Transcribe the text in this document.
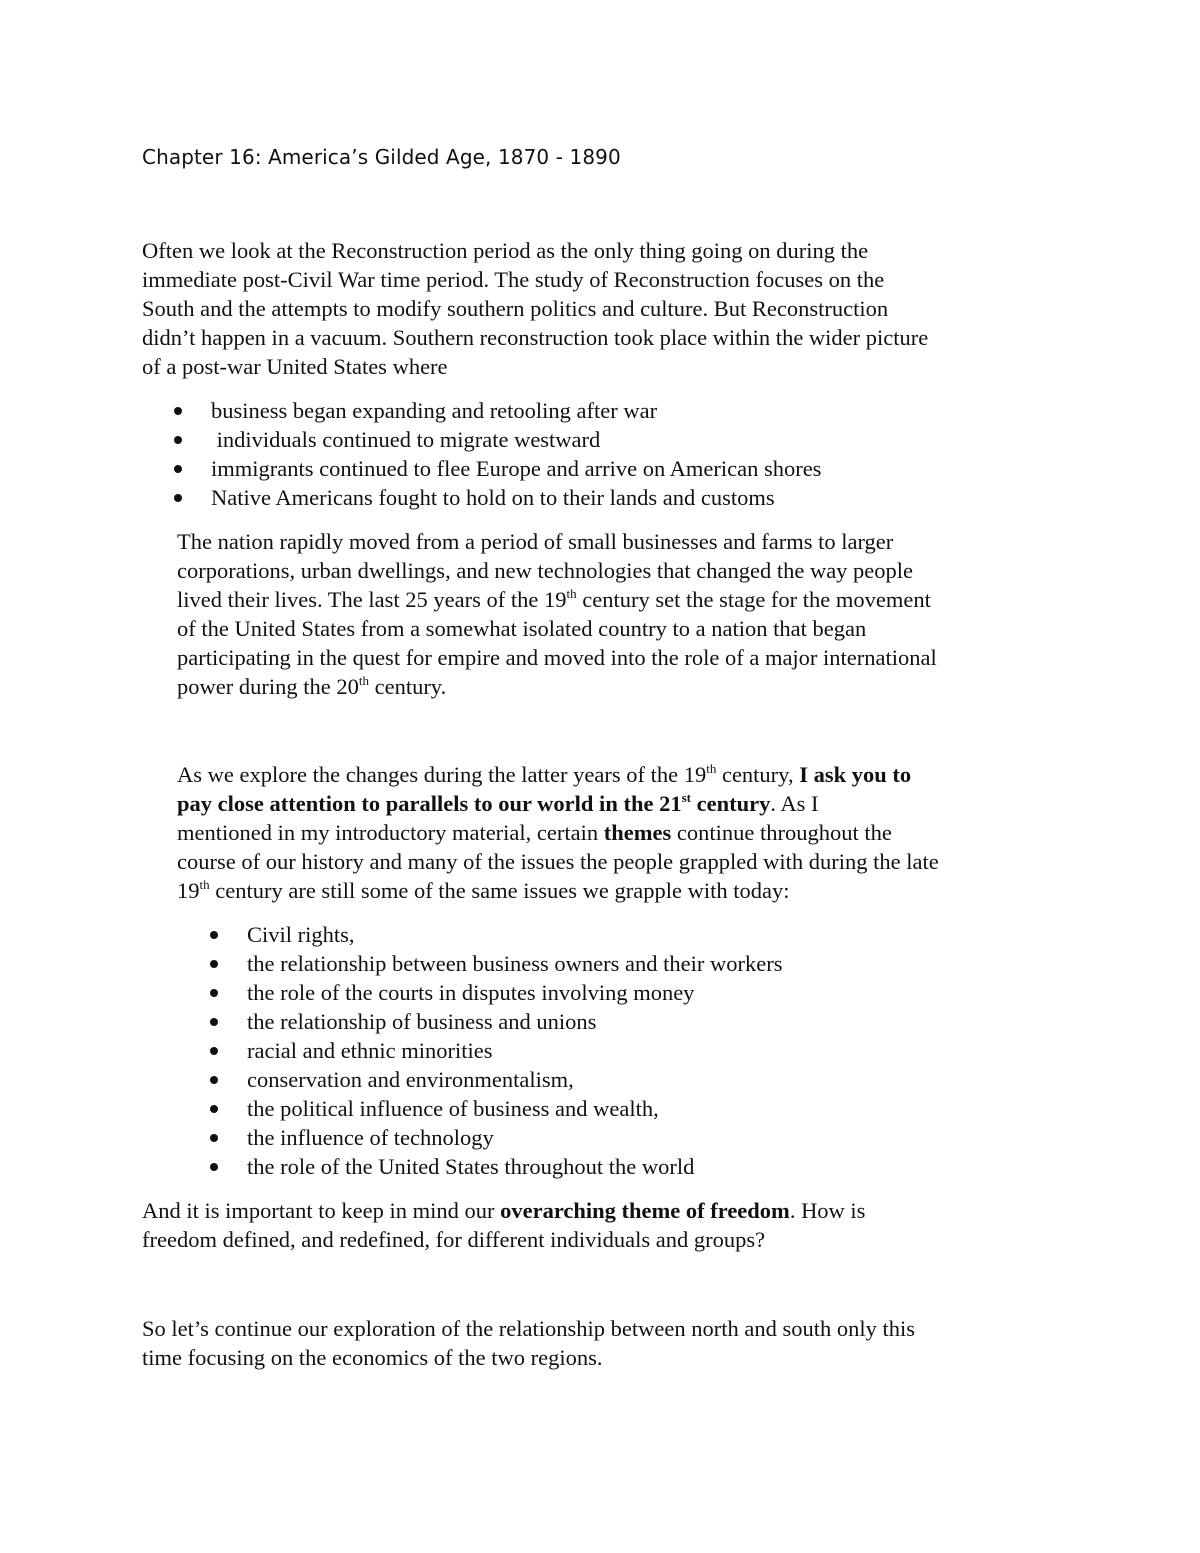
Chapter 16: America’s Gilded Age, 1870 - 1890

Often we look at the Reconstruction period as the only thing going on during the
immediate post-Civil War time period. The study of Reconstruction focuses on the
South and the attempts to modify southern politics and culture. But Reconstruction
didn’t happen in a vacuum. Southern reconstruction took place within the wider picture
of a post-war United States where

business began expanding and retooling after war
individuals continued to migrate westward
immigrants continued to flee Europe and arrive on American shores
Native Americans fought to hold on to their lands and customs

The nation rapidly moved from a period of small businesses and farms to larger
corporations, urban dwellings, and new technologies that changed the way people
lived their lives. The last 25 years of the 19th century set the stage for the movement
of the United States from a somewhat isolated country to a nation that began
participating in the quest for empire and moved into the role of a major international
power during the 20th century.

As we explore the changes during the latter years of the 19th century, I ask you to
pay close attention to parallels to our world in the 21st century. As I
mentioned in my introductory material, certain themes continue throughout the
course of our history and many of the issues the people grappled with during the late
19th century are still some of the same issues we grapple with today:

Civil rights,
the relationship between business owners and their workers
the role of the courts in disputes involving money
the relationship of business and unions
racial and ethnic minorities
conservation and environmentalism,
the political influence of business and wealth,
the influence of technology
the role of the United States throughout the world

And it is important to keep in mind our overarching theme of freedom. How is
freedom defined, and redefined, for different individuals and groups?

So let’s continue our exploration of the relationship between north and south only this
time focusing on the economics of the two regions.
